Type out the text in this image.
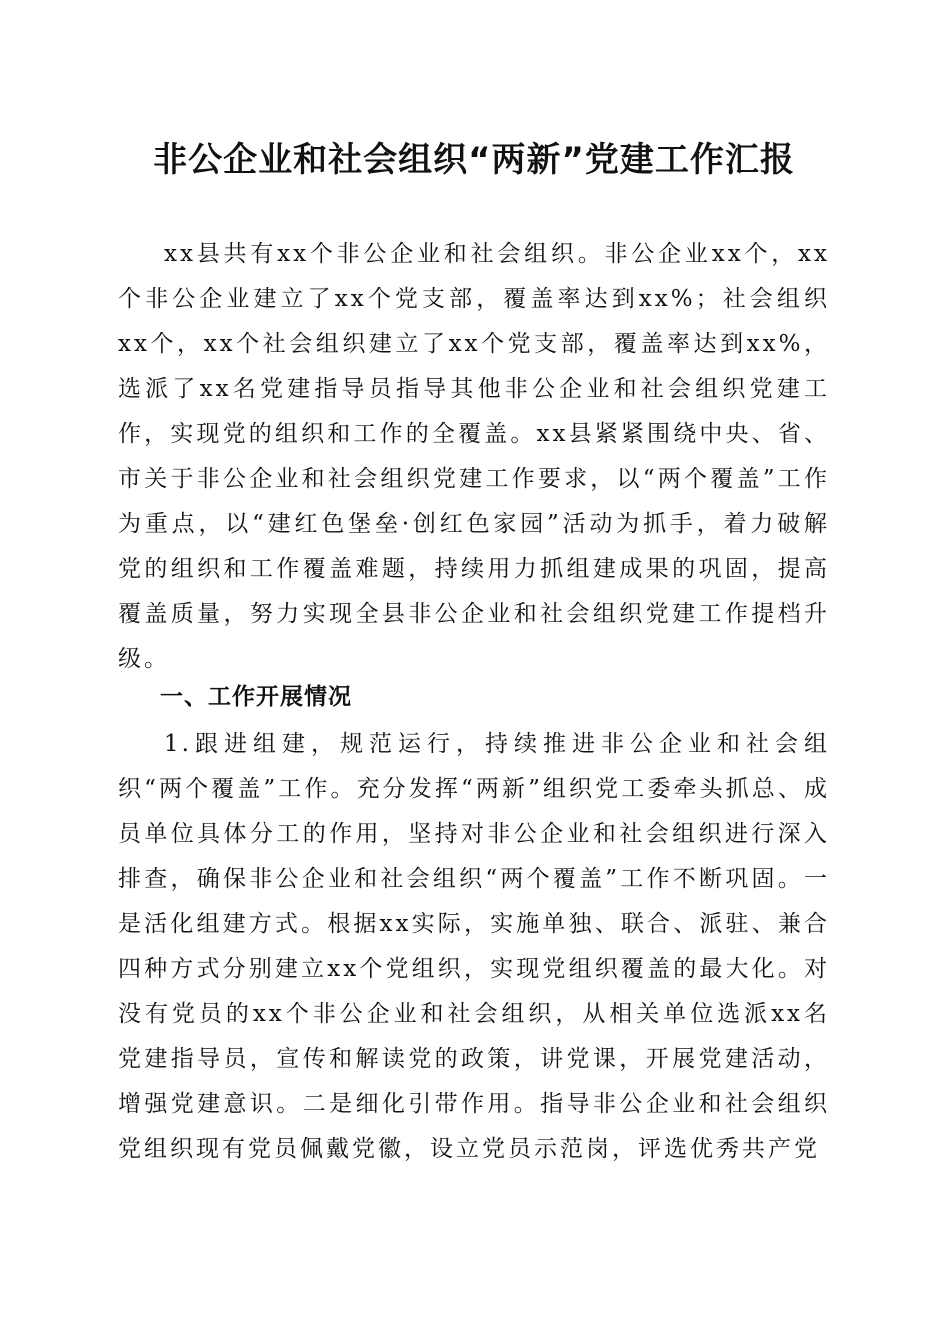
非公企业和社会组织“两新”党建工作汇报
xx县共有xx个非公企业和社会组织。非公企业xx个，xx个非公企业建立了xx个党支部，覆盖率达到xx%；社会组织xx个，xx个社会组织建立了xx个党支部，覆盖率达到xx%，选派了xx名党建指导员指导其他非公企业和社会组织党建工作，实现党的组织和工作的全覆盖。xx县紧紧围绕中央、省、市关于非公企业和社会组织党建工作要求，以“两个覆盖”工作为重点，以“建红色堡垒·创红色家园”活动为抓手，着力破解党的组织和工作覆盖难题，持续用力抓组建成果的巩固，提高覆盖质量，努力实现全县非公企业和社会组织党建工作提档升级。
一、工作开展情况
1.跟进组建，规范运行，持续推进非公企业和社会组织“两个覆盖”工作。充分发挥“两新”组织党工委牵头抓总、成员单位具体分工的作用，坚持对非公企业和社会组织进行深入排查，确保非公企业和社会组织“两个覆盖”工作不断巩固。一是活化组建方式。根据xx实际，实施单独、联合、派驻、兼合四种方式分别建立xx个党组织，实现党组织覆盖的最大化。对没有党员的xx个非公企业和社会组织，从相关单位选派xx名党建指导员，宣传和解读党的政策，讲党课，开展党建活动，增强党建意识。二是细化引带作用。指导非公企业和社会组织党组织现有党员佩戴党徽，设立党员示范岗，评选优秀共产党
